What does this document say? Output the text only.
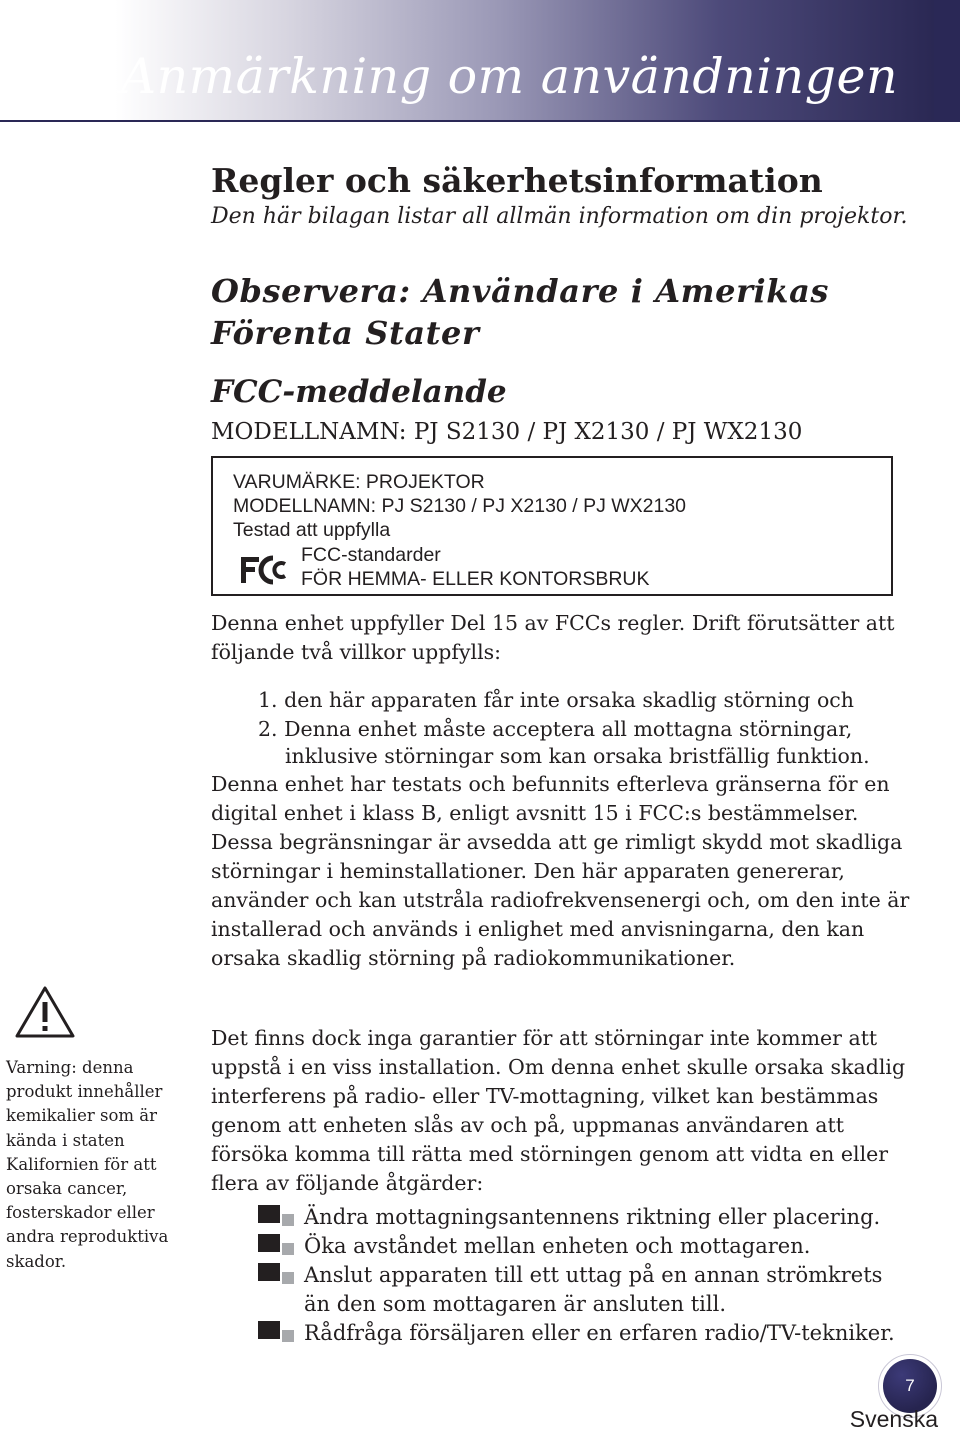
Anmärkning om användningen
Regler och säkerhetsinformation

Den här bilagan listar all allmän information om din projektor.

Observera: Användare i Amerikas Förenta Stater
FCC-meddelande

MODELLNAMN: PJ S2130 / PJ X2130 / PJ WX2130

VARUMÄRKE: PROJEKTOR
MODELLNAMN: PJ S2130 / PJ X2130 / PJ WX2130
Testad att uppfylla
FCC-standarder
FÖR HEMMA- ELLER KONTORSBRUK

Denna enhet uppfyller Del 15 av FCCs regler. Drift förutsätter att följande två villkor uppfylls:

1. den här apparaten får inte orsaka skadlig störning och

2. Denna enhet måste acceptera all mottagna störningar,

inklusive störningar som kan orsaka bristfällig funktion.

Denna enhet har testats och befunnits efterleva gränserna för en digital enhet i klass B, enligt avsnitt 15 i FCC:s bestämmelser. Dessa begränsningar är avsedda att ge rimligt skydd mot skadliga störningar i heminstallationer. Den här apparaten genererar, använder och kan utstråla radiofrekvensenergi och, om den inte är installerad och används i enlighet med anvisningarna, den kan orsaka skadlig störning på radiokommunikationer.

Det finns dock inga garantier för att störningar inte kommer att uppstå i en viss installation. Om denna enhet skulle orsaka skadlig interferens på radio- eller TV-mottagning, vilket kan bestämmas genom att enheten slås av och på, uppmanas användaren att försöka komma till rätta med störningen genom att vidta en eller flera av följande åtgärder:

Ändra mottagningsantennens riktning eller placering.
Öka avståndet mellan enheten och mottagaren.
Anslut apparaten till ett uttag på en annan strömkrets än den som mottagaren är ansluten till.
Rådfråga försäljaren eller en erfaren radio/TV-tekniker.
Varning: denna produkt innehåller kemikalier som är kända i staten Kalifornien för att orsaka cancer, fosterskador eller andra reproduktiva skador.
7
Svenska
